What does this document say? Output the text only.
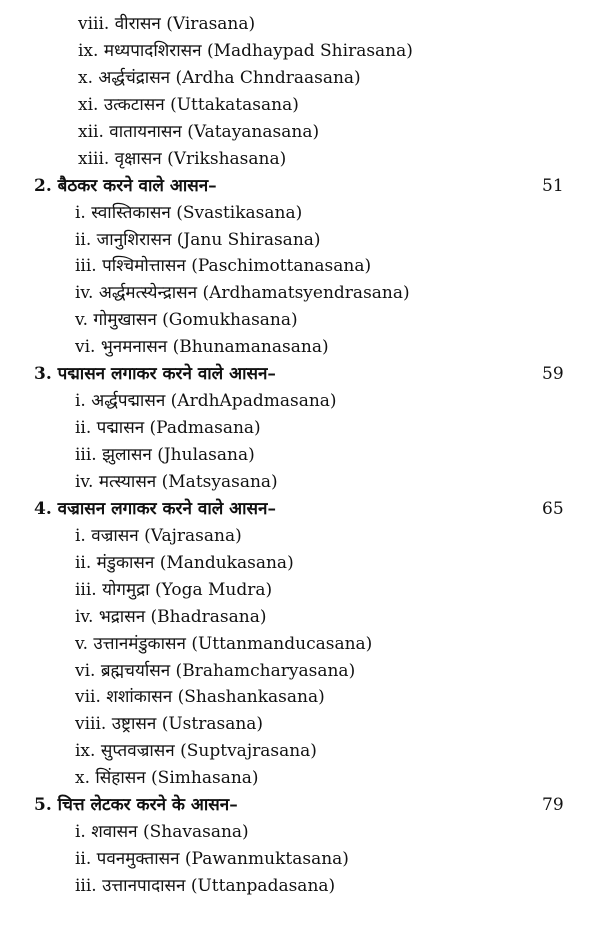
viii. वीरासन (Virasana)
ix. मध्यपादशिरासन (Madhaypad Shirasana)
x. अर्द्धचंद्रासन (Ardha Chndraasana)
xi. उत्कटासन (Uttakatasana)
xii. वातायनासन (Vatayanasana)
xiii. वृक्षासन (Vrikshasana)
2. बैठकर करने वाले आसन–	51
i. स्वास्तिकासन (Svastikasana)
ii. जानुशिरासन (Janu Shirasana)
iii. पश्चिमोत्तासन (Paschimottanasana)
iv. अर्द्धमत्स्येन्द्रासन (Ardhamatsyendrasana)
v. गोमुखासन (Gomukhasana)
vi. भुनमनासन (Bhunamanasana)
3. पद्मासन लगाकर करने वाले आसन–	59
i. अर्द्धपद्मासन (ArdhApadmasana)
ii. पद्मासन (Padmasana)
iii. झुलासन (Jhulasana)
iv. मत्स्यासन (Matsyasana)
4. वज्रासन लगाकर करने वाले आसन–	65
i. वज्रासन (Vajrasana)
ii. मंडुकासन (Mandukasana)
iii. योगमुद्रा (Yoga Mudra)
iv. भद्रासन (Bhadrasana)
v. उत्तानमंडुकासन (Uttanmanducasana)
vi. ब्रह्मचर्यासन (Brahamcharyasana)
vii. शशांकासन (Shashankasana)
viii. उष्ट्रासन (Ustrasana)
ix. सुप्तवज्रासन (Suptvajrasana)
x. सिंहासन (Simhasana)
5. चित्त लेटकर करने के आसन–	79
i. शवासन (Shavasana)
ii. पवनमुक्तासन (Pawanmuktasana)
iii. उत्तानपादासन (Uttanpadasana)
